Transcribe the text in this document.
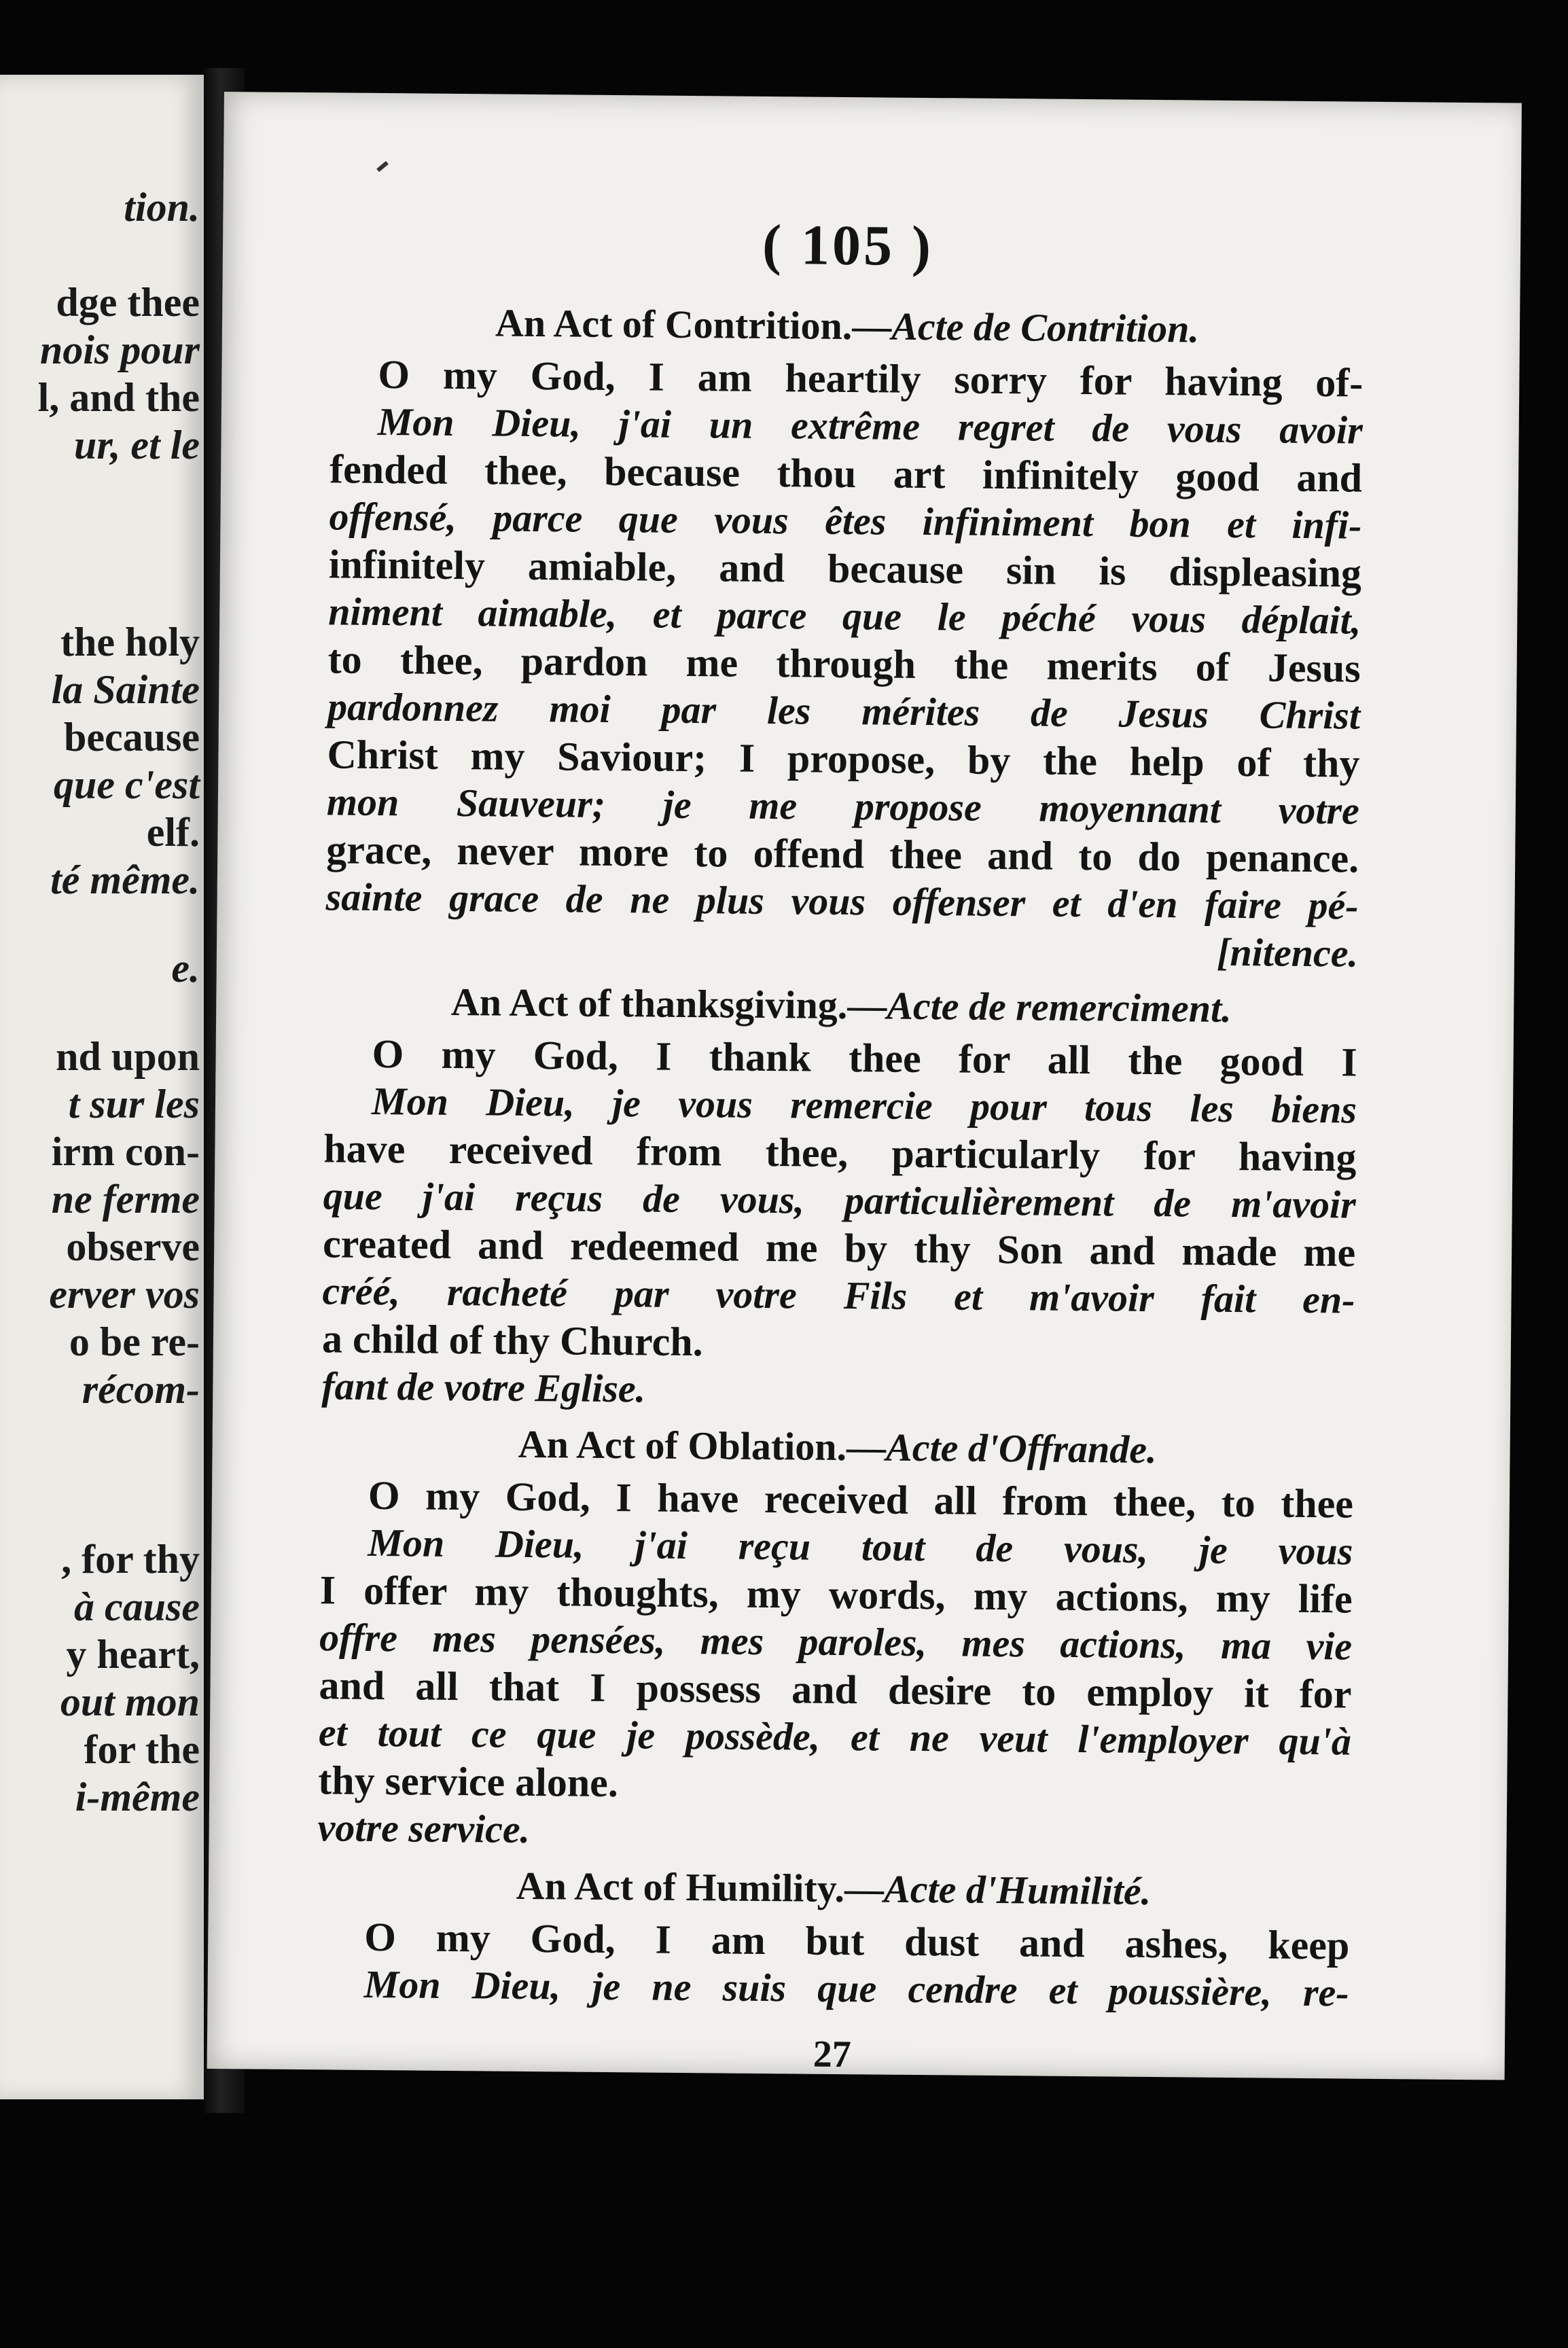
tion.
dge thee
nois pour
l, and the
ur, et le
the holy
la Sainte
because
que c'est
elf.
té même.
e.
nd upon
t sur les
irm con-
ne ferme
observe
erver vos
o be re-
récom-
, for thy
à cause
y heart,
out mon
for the
i-même
( 105 )
An Act of Contrition.—Acte de Contrition.
O my God, I am heartily sorry for having of-
Mon Dieu, j'ai un extrême regret de vous avoir
fended thee, because thou art infinitely good and
offensé, parce que vous êtes infiniment bon et infi-
infinitely amiable, and because sin is displeasing
niment aimable, et parce que le péché vous déplait,
to thee, pardon me through the merits of Jesus
pardonnez moi par les mérites de Jesus Christ
Christ my Saviour; I propose, by the help of thy
mon Sauveur; je me propose moyennant votre
grace, never more to offend thee and to do penance.
sainte grace de ne plus vous offenser et d'en faire pé-
[nitence.
An Act of thanksgiving.—Acte de remerciment.
O my God, I thank thee for all the good I
Mon Dieu, je vous remercie pour tous les biens
have received from thee, particularly for having
que j'ai reçus de vous, particulièrement de m'avoir
created and redeemed me by thy Son and made me
créé, racheté par votre Fils et m'avoir fait en-
a child of thy Church.
fant de votre Eglise.
An Act of Oblation.—Acte d'Offrande.
O my God, I have received all from thee, to thee
Mon Dieu, j'ai reçu tout de vous, je vous
I offer my thoughts, my words, my actions, my life
offre mes pensées, mes paroles, mes actions, ma vie
and all that I possess and desire to employ it for
et tout ce que je possède, et ne veut l'employer qu'à
thy service alone.
votre service.
An Act of Humility.—Acte d'Humilité.
O my God, I am but dust and ashes, keep
Mon Dieu, je ne suis que cendre et poussière, re-
27
